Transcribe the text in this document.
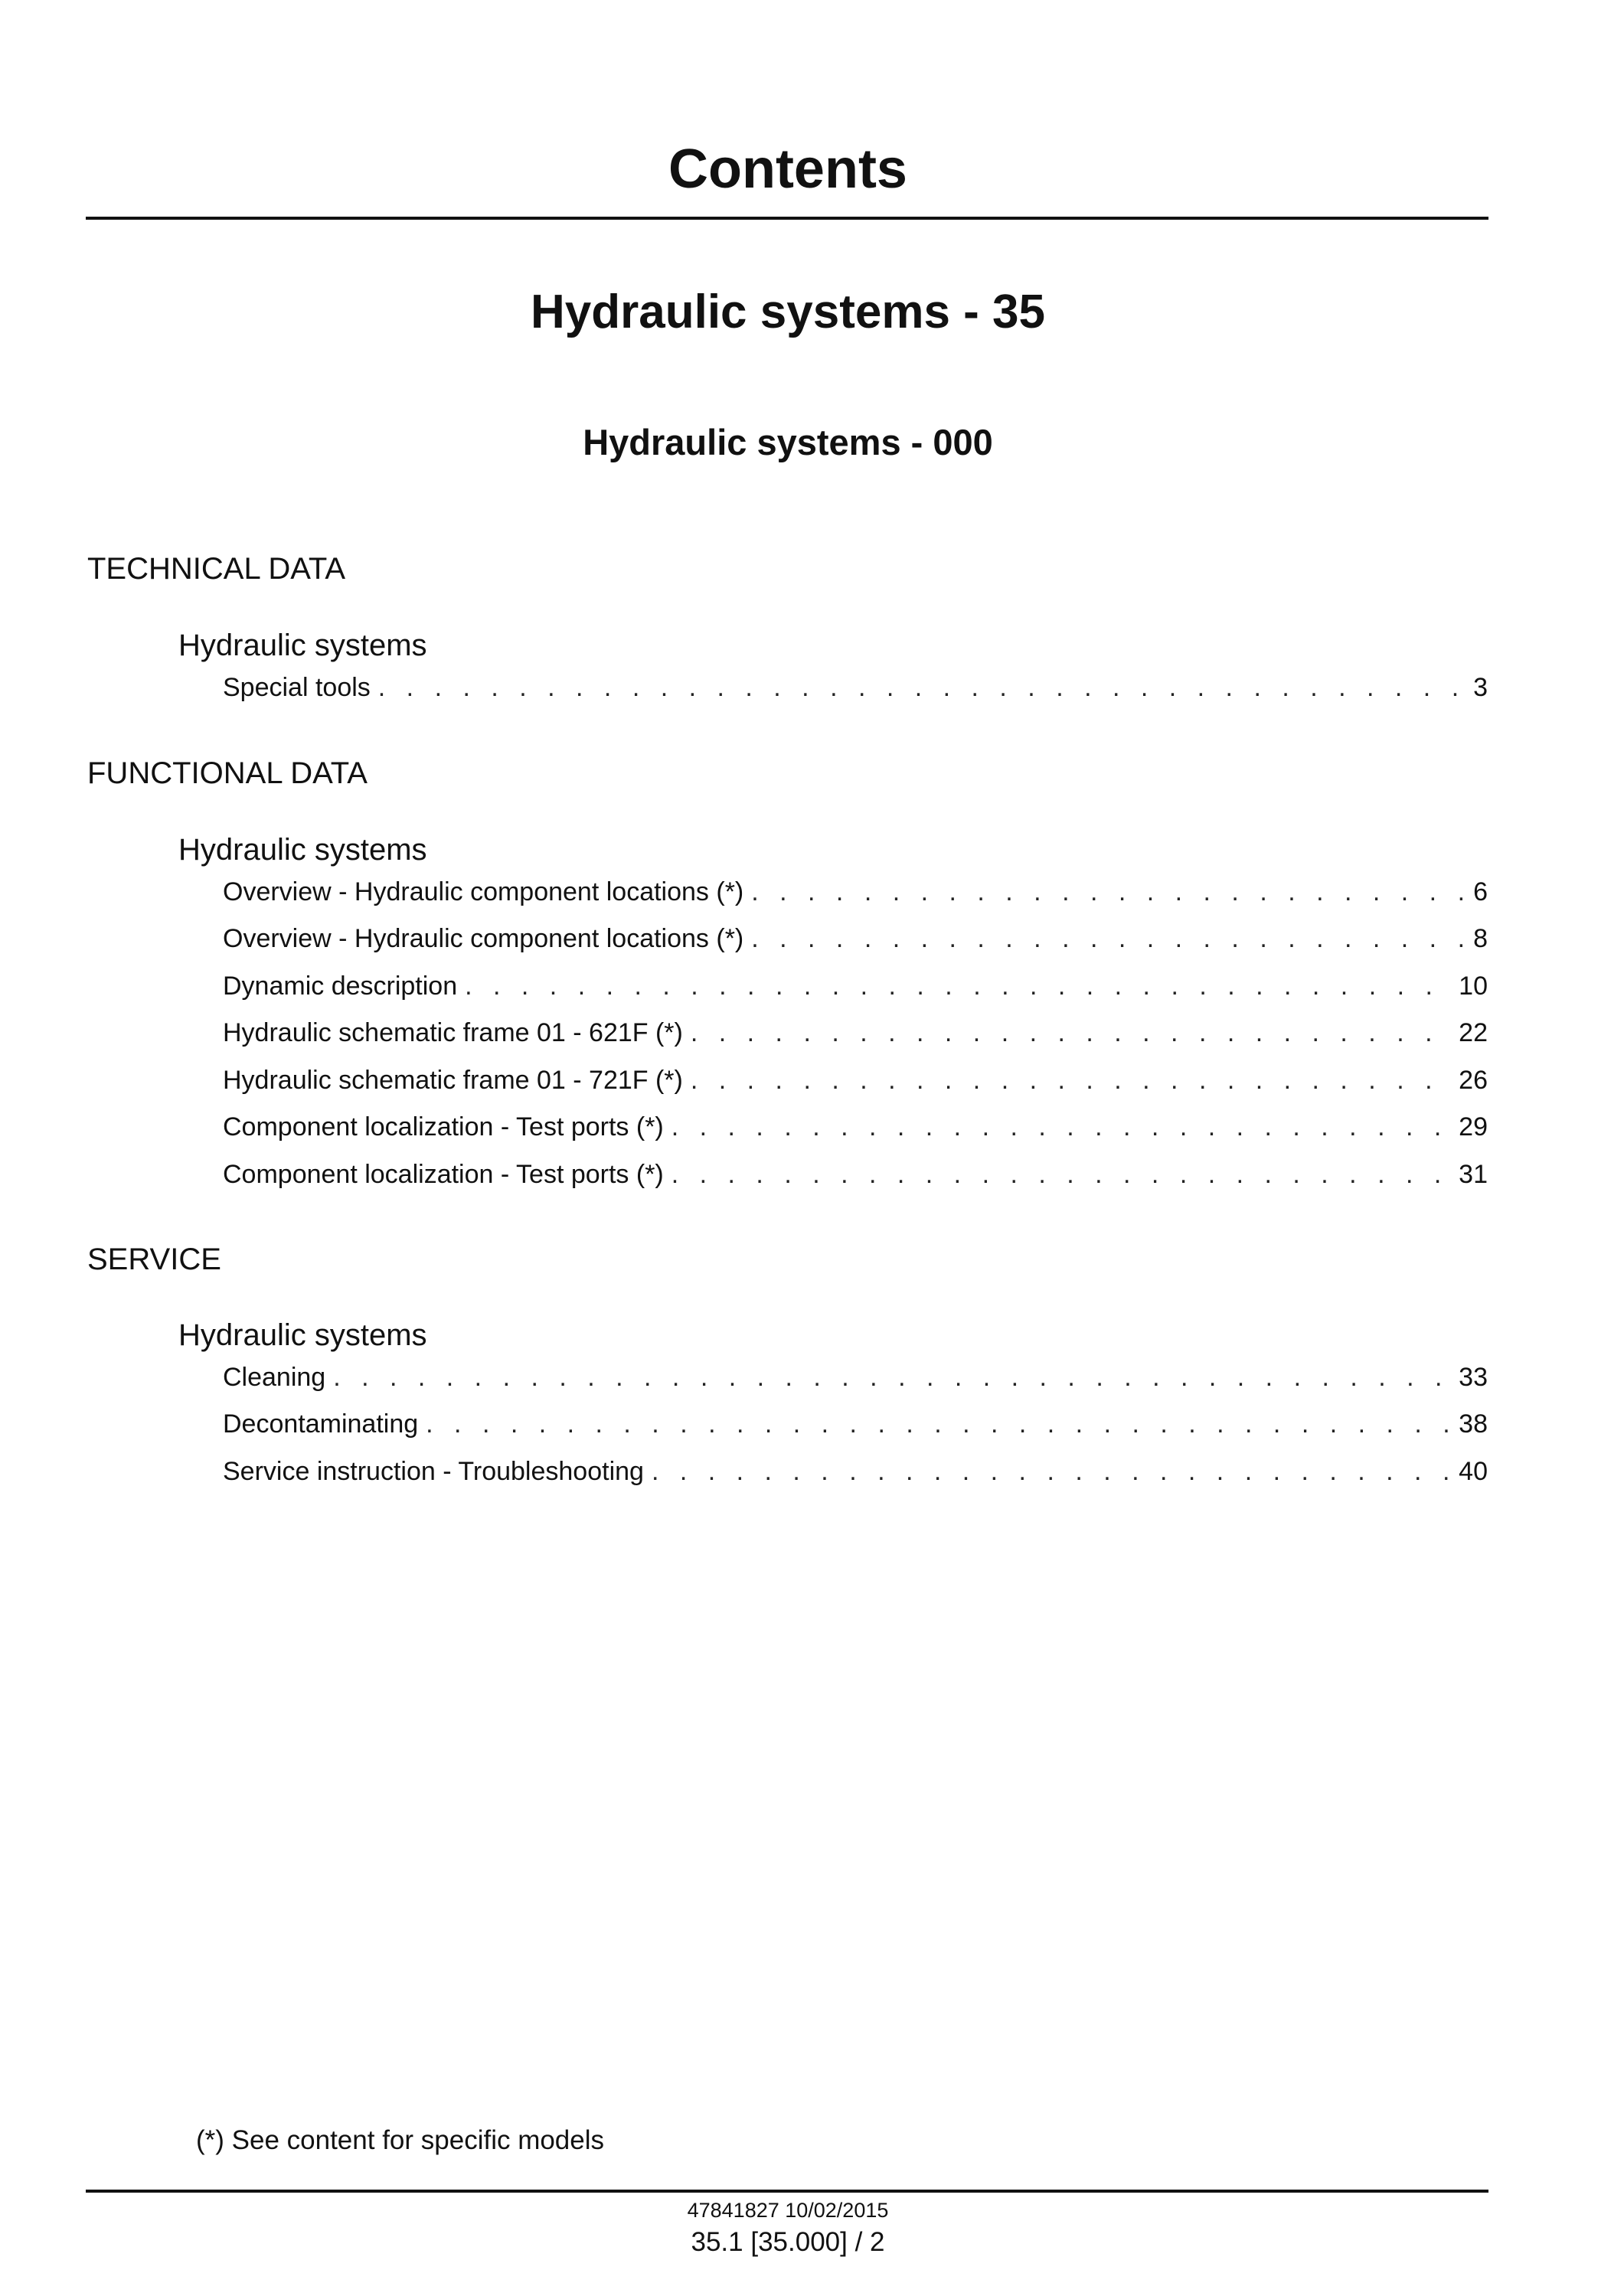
Contents
Hydraulic systems - 35
Hydraulic systems - 000
TECHNICAL DATA
Hydraulic systems
Special tools . . .	3
FUNCTIONAL DATA
Hydraulic systems
Overview - Hydraulic component locations (*) . . .	6
Overview - Hydraulic component locations (*) . . .	8
Dynamic description . . .	10
Hydraulic schematic frame 01 - 621F (*) . . .	22
Hydraulic schematic frame 01 - 721F (*) . . .	26
Component localization - Test ports (*) . . .	29
Component localization - Test ports (*) . . .	31
SERVICE
Hydraulic systems
Cleaning . . .	33
Decontaminating . . .	38
Service instruction - Troubleshooting . . .	40
(*) See content for specific models
47841827 10/02/2015
35.1 [35.000] / 2
